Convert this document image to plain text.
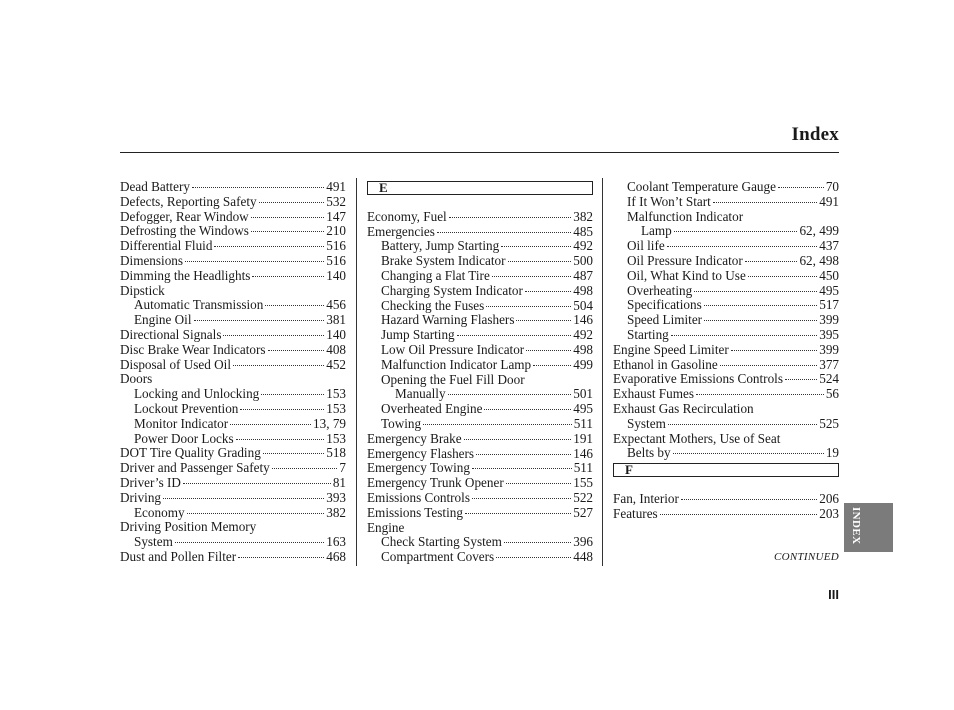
Index
Dead Battery	491
Defects, Reporting Safety	532
Defogger, Rear Window	147
Defrosting the Windows	210
Differential Fluid	516
Dimensions	516
Dimming the Headlights	140
Dipstick
Automatic Transmission	456
Engine Oil	381
Directional Signals	140
Disc Brake Wear Indicators	408
Disposal of Used Oil	452
Doors
Locking and Unlocking	153
Lockout Prevention	153
Monitor Indicator	13, 79
Power Door Locks	153
DOT Tire Quality Grading	518
Driver and Passenger Safety	7
Driver’s ID	81
Driving	393
Economy	382
Driving Position Memory
System	163
Dust and Pollen Filter	468
E
Economy, Fuel	382
Emergencies	485
Battery, Jump Starting	492
Brake System Indicator	500
Changing a Flat Tire	487
Charging System Indicator	498
Checking the Fuses	504
Hazard Warning Flashers	146
Jump Starting	492
Low Oil Pressure Indicator	498
Malfunction Indicator Lamp	499
Opening the Fuel Fill Door
Manually	501
Overheated Engine	495
Towing	511
Emergency Brake	191
Emergency Flashers	146
Emergency Towing	511
Emergency Trunk Opener	155
Emissions Controls	522
Emissions Testing	527
Engine
Check Starting System	396
Compartment Covers	448
Coolant Temperature Gauge	70
If It Won’t Start	491
Malfunction Indicator
Lamp	62, 499
Oil life	437
Oil Pressure Indicator	62, 498
Oil, What Kind to Use	450
Overheating	495
Specifications	517
Speed Limiter	399
Starting	395
Engine Speed Limiter	399
Ethanol in Gasoline	377
Evaporative Emissions Controls	524
Exhaust Fumes	56
Exhaust Gas Recirculation
System	525
Expectant Mothers, Use of Seat
Belts by	19
F
Fan, Interior	206
Features	203
CONTINUED
III
INDEX
